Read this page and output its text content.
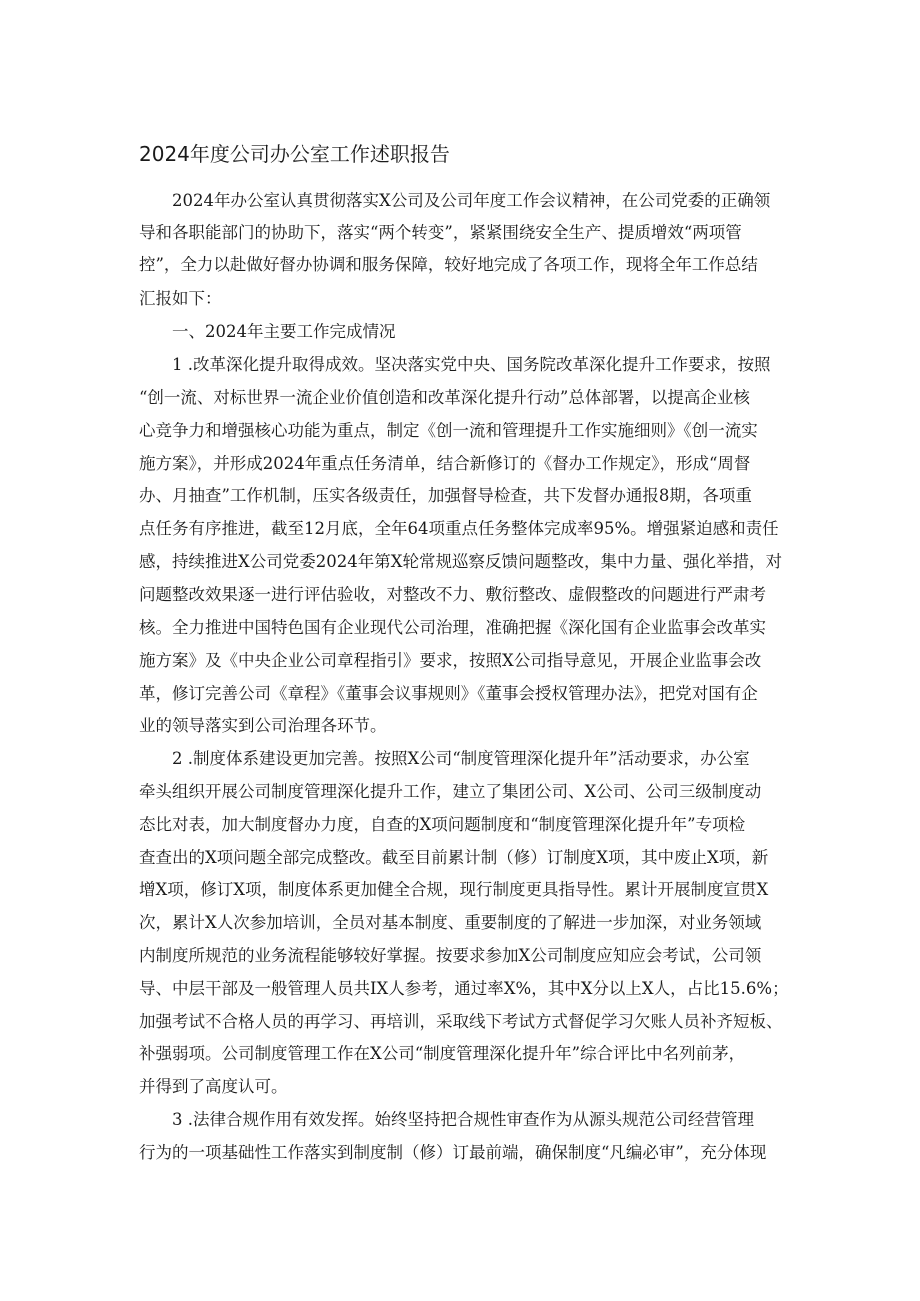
2024年度公司办公室工作述职报告
2024年办公室认真贯彻落实X公司及公司年度工作会议精神，在公司党委的正确领
导和各职能部门的协助下，落实“两个转变”，紧紧围绕安全生产、提质增效“两项管
控”，全力以赴做好督办协调和服务保障，较好地完成了各项工作，现将全年工作总结
汇报如下：
一、2024年主要工作完成情况
1 .改革深化提升取得成效。坚决落实党中央、国务院改革深化提升工作要求，按照
“创一流、对标世界一流企业价值创造和改革深化提升行动”总体部署，以提高企业核
心竞争力和增强核心功能为重点，制定《创一流和管理提升工作实施细则》《创一流实
施方案》，并形成2024年重点任务清单，结合新修订的《督办工作规定》，形成“周督
办、月抽查”工作机制，压实各级责任，加强督导检查，共下发督办通报8期，各项重
点任务有序推进，截至12月底，全年64项重点任务整体完成率95%。增强紧迫感和责任
感，持续推进X公司党委2024年第X轮常规巡察反馈问题整改，集中力量、强化举措，对
问题整改效果逐一进行评估验收，对整改不力、敷衍整改、虚假整改的问题进行严肃考
核。全力推进中国特色国有企业现代公司治理，准确把握《深化国有企业监事会改革实
施方案》及《中央企业公司章程指引》要求，按照X公司指导意见，开展企业监事会改
革，修订完善公司《章程》《董事会议事规则》《董事会授权管理办法》，把党对国有企
业的领导落实到公司治理各环节。
2 .制度体系建设更加完善。按照X公司“制度管理深化提升年”活动要求，办公室
牵头组织开展公司制度管理深化提升工作，建立了集团公司、X公司、公司三级制度动
态比对表，加大制度督办力度，自查的X项问题制度和“制度管理深化提升年”专项检
查查出的X项问题全部完成整改。截至目前累计制（修）订制度X项，其中废止X项，新
增X项，修订X项，制度体系更加健全合规，现行制度更具指导性。累计开展制度宣贯X
次，累计X人次参加培训，全员对基本制度、重要制度的了解进一步加深，对业务领域
内制度所规范的业务流程能够较好掌握。按要求参加X公司制度应知应会考试，公司领
导、中层干部及一般管理人员共IX人参考，通过率X%，其中X分以上X人，占比15.6%；
加强考试不合格人员的再学习、再培训，采取线下考试方式督促学习欠账人员补齐短板、
补强弱项。公司制度管理工作在X公司“制度管理深化提升年”综合评比中名列前茅，
并得到了高度认可。
3 .法律合规作用有效发挥。始终坚持把合规性审查作为从源头规范公司经营管理
行为的一项基础性工作落实到制度制（修）订最前端，确保制度“凡编必审”，充分体现
